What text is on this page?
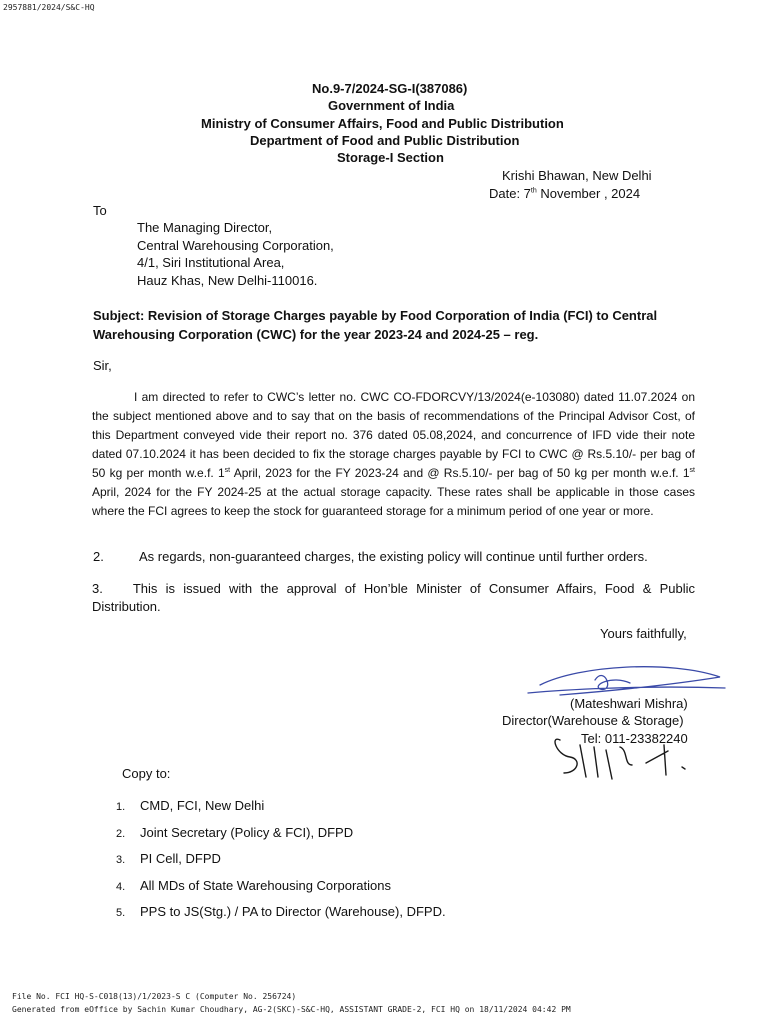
2957881/2024/S&C-HQ
No.9-7/2024-SG-I(387086)
Government of India
Ministry of Consumer Affairs, Food and Public Distribution
Department of Food and Public Distribution
Storage-I Section
Krishi Bhawan, New Delhi
Date: 7th November , 2024
To
The Managing Director,
Central Warehousing Corporation,
4/1, Siri Institutional Area,
Hauz Khas, New Delhi-110016.
Subject: Revision of Storage Charges payable by Food Corporation of India (FCI) to Central Warehousing Corporation (CWC) for the year 2023-24 and 2024-25 – reg.
Sir,
I am directed to refer to CWC’s letter no. CWC CO-FDORCVY/13/2024(e-103080) dated 11.07.2024 on the subject mentioned above and to say that on the basis of recommendations of the Principal Advisor Cost, of this Department conveyed vide their report no. 376 dated 05.08,2024, and concurrence of IFD vide their note dated 07.10.2024 it has been decided to fix the storage charges payable by FCI to CWC @ Rs.5.10/- per bag of 50 kg per month w.e.f. 1st April, 2023 for the FY 2023-24 and @ Rs.5.10/- per bag of 50 kg per month w.e.f. 1st April, 2024 for the FY 2024-25 at the actual storage capacity. These rates shall be applicable in those cases where the FCI agrees to keep the stock for guaranteed storage for a minimum period of one year or more.
2.	As regards, non-guaranteed charges, the existing policy will continue until further orders.
3. This is issued with the approval of Hon’ble Minister of Consumer Affairs, Food & Public Distribution.
Yours faithfully,
(Mateshwari Mishra)
Director(Warehouse & Storage)
Tel: 011-23382240
Copy to:
1. CMD, FCI, New Delhi
2. Joint Secretary (Policy & FCI), DFPD
3. PI Cell, DFPD
4. All MDs of State Warehousing Corporations
5. PPS to JS(Stg.) / PA to Director (Warehouse), DFPD.
File No. FCI HQ-S-C018(13)/1/2023-S C (Computer No. 256724)
Generated from eOffice by Sachin Kumar Choudhary, AG-2(SKC)-S&C-HQ, ASSISTANT GRADE-2, FCI HQ on 18/11/2024 04:42 PM
